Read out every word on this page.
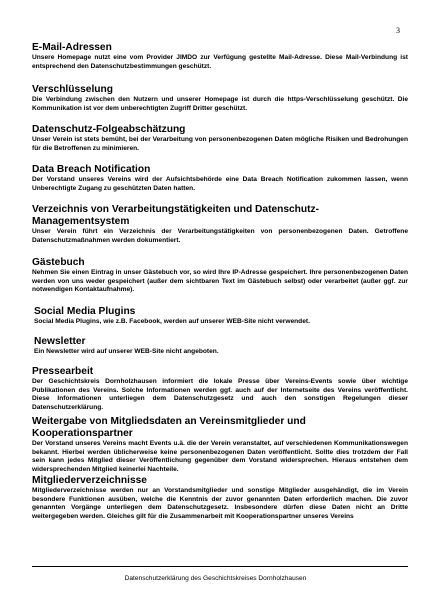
3

E-Mail-Adressen

Unsere Homepage nutzt eine vom Provider JIMDO zur Verfügung gestellte Mail-Adresse. Diese Mail-Verbindung ist entsprechend den Datenschutzbestimmungen geschützt.

Verschlüsselung

Die Verbindung zwischen den Nutzern und unserer Homepage ist durch die https-Verschlüsselung geschützt. Die Kommunikation ist vor dem unberechtigten Zugriff Dritter geschützt.

Datenschutz-Folgeabschätzung

Unser Verein ist stets bemüht, bei der Verarbeitung von personenbezogenen Daten mögliche Risiken und Bedrohungen für die Betroffenen zu minimieren.

Data Breach Notification

Der Vorstand unseres Vereins wird der Aufsichtsbehörde eine Data Breach Notification zukommen lassen, wenn Unberechtigte Zugang zu geschützten Daten hatten.

Verzeichnis von Verarbeitungstätigkeiten und Datenschutz-Managementsystem

Unser Verein führt ein Verzeichnis der Verarbeitungstätigkeiten von personenbezogenen Daten. Getroffene Datenschutzmaßnahmen werden dokumentiert.

Gästebuch

Nehmen Sie einen Eintrag in unser Gästebuch vor, so wird Ihre IP-Adresse gespeichert. Ihre personenbezogenen Daten werden von uns weder gespeichert (außer dem sichtbaren Text im Gästebuch selbst) oder verarbeitet (außer ggf. zur notwendigen Kontaktaufnahme).

Social Media Plugins

Social Media Plugins, wie z.B. Facebook, werden auf unserer WEB-Site nicht verwendet.

Newsletter

Ein Newsletter wird auf unserer WEB-Site nicht angeboten.

Pressearbeit

Der Geschichtskreis Dornholzhausen informiert die lokale Presse über Vereins-Events sowie über wichtige Publikationen des Vereins. Solche Informationen werden ggf. auch auf der Internetseite des Vereins veröffentlicht. Diese Informationen unterliegen dem Datenschutzgesetz und auch den sonstigen Regelungen dieser Datenschutzerklärung.

Weitergabe von Mitgliedsdaten an Vereinsmitglieder und Kooperationspartner

Der Vorstand unseres Vereins macht Events u.ä. die der Verein veranstaltet, auf verschiedenen Kommunikationswegen bekannt. Hierbei werden üblicherweise keine personenbezogenen Daten veröffentlicht. Sollte dies trotzdem der Fall sein kann jedes Mitglied dieser Veröffentlichung gegenüber dem Vorstand widersprechen. Hieraus entstehen dem widersprechenden Mitglied keinerlei Nachteile.

Mitgliederverzeichnisse

Mitgliederverzeichnisse werden nur an Vorstandsmitglieder und sonstige Mitglieder ausgehändigt, die im Verein besondere Funktionen ausüben, welche die Kenntnis der zuvor genannten Daten erforderlich machen. Die zuvor genannten Vorgänge unterliegen dem Datenschutzgesetz. Insbesondere dürfen diese Daten nicht an Dritte weitergegeben werden. Gleiches gilt für die Zusammenarbeit mit Kooperationspartner unseres Vereins

Datenschutzerklärung des Geschichtskreises Dornholzhausen
